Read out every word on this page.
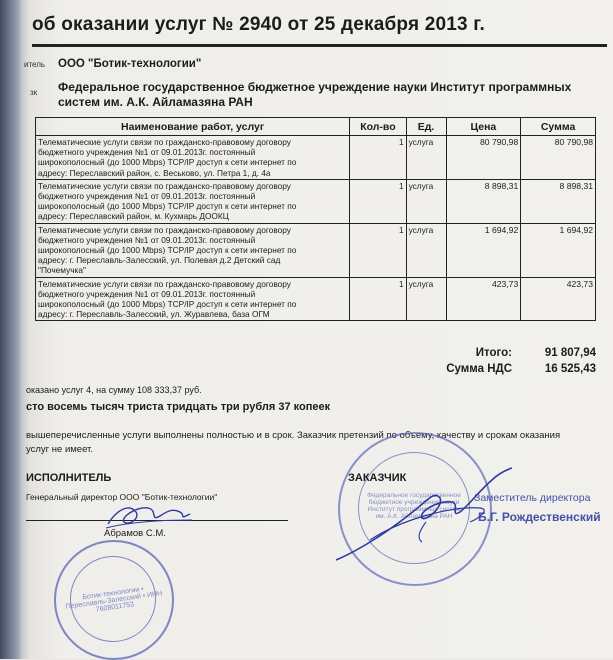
об оказании услуг № 2940 от 25 декабря 2013 г.
итель ООО "Ботик-технологии"
зк Федеральное государственное бюджетное учреждение науки Институт программных
систем им. А.К. Айламазяна РАН
Наименование работ, услуг	Кол-во	Ед.	Цена	Сумма

Телематические услуги связи по гражданско-правовому договору
бюджетного учреждения №1 от 09.01.2013г. постоянный
широкополосный (до 1000 Mbps) TCP/IP доступ к сети интернет по
адресу: Переславский район, с. Веськово, ул. Петра 1, д. 4а	1	услуга	80 790,98	80 790,98

Телематические услуги связи по гражданско-правовому договору
бюджетного учреждения №1 от 09.01.2013г. постоянный
широкополосный (до 1000 Mbps) TCP/IP доступ к сети интернет по
адресу: Переславский район, м. Кухмарь ДООКЦ	1	услуга	8 898,31	8 898,31

Телематические услуги связи по гражданско-правовому договору
бюджетного учреждения №1 от 09.01.2013г. постоянный
широкополосный (до 1000 Mbps) TCP/IP доступ к сети интернет по
адресу: г. Переславль-Залесский, ул. Полевая д.2 Детский сад
"Почемучка"	1	услуга	1 694,92	1 694,92

Телематические услуги связи по гражданско-правовому договору
бюджетного учреждения №1 от 09.01.2013г. постоянный
широкополосный (до 1000 Mbps) TCP/IP доступ к сети интернет по
адресу: г. Переславль-Залесский, ул. Журавлева, база ОГМ	1	услуга	423,73	423,73
Итого:	91 807,94
Сумма НДС	16 525,43
оказано услуг 4, на сумму 108 333,37 руб.
сто восемь тысяч триста тридцать три рубля 37 копеек
вышеперечисленные услуги выполнены полностью и в срок. Заказчик претензий по объему, качеству и срокам оказания
услуг не имеет.
ИСПОЛНИТЕЛЬ
Генеральный директор ООО "Ботик-технологии"
Абрамов С.М.
Ботик-технологии • Переславль-Залесский • ИНН 7608011753
Федеральное государственное бюджетное учреждение науки Институт программных систем им. А.К. Айламазяна РАН
ЗАКАЗЧИК
Заместитель директора
Б.Г. Рождественский
